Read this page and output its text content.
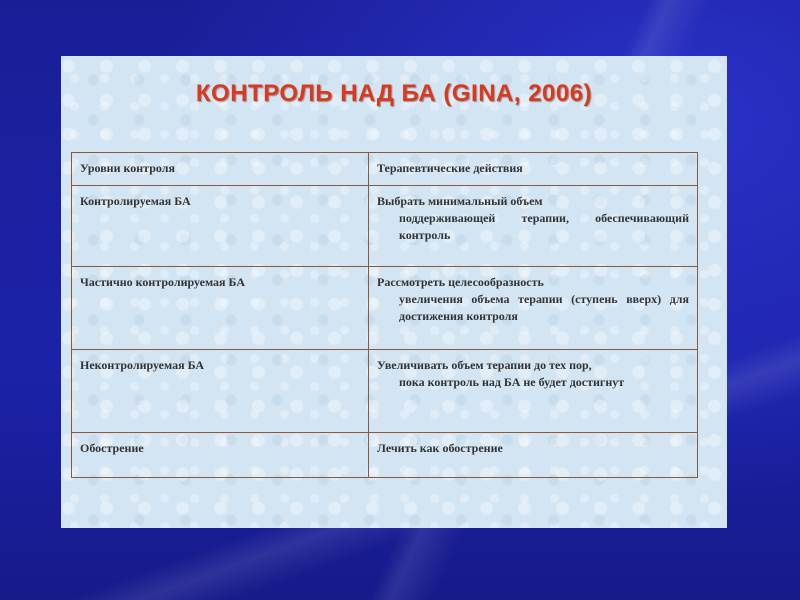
КОНТРОЛЬ НАД БА (GINA, 2006)
Уровни контроля	Терапевтические действия
Контролируемая БА	Выбрать минимальный объем
поддерживающей терапии, обеспечивающий контроль

Частично контролируемая БА	Рассмотреть целесообразность
увеличения объема терапии (ступень вверх) для достижения контроля

Неконтролируемая БА	Увеличивать объем терапии до тех пор,
пока контроль над БА не будет достигнут

Обострение	Лечить как обострение
